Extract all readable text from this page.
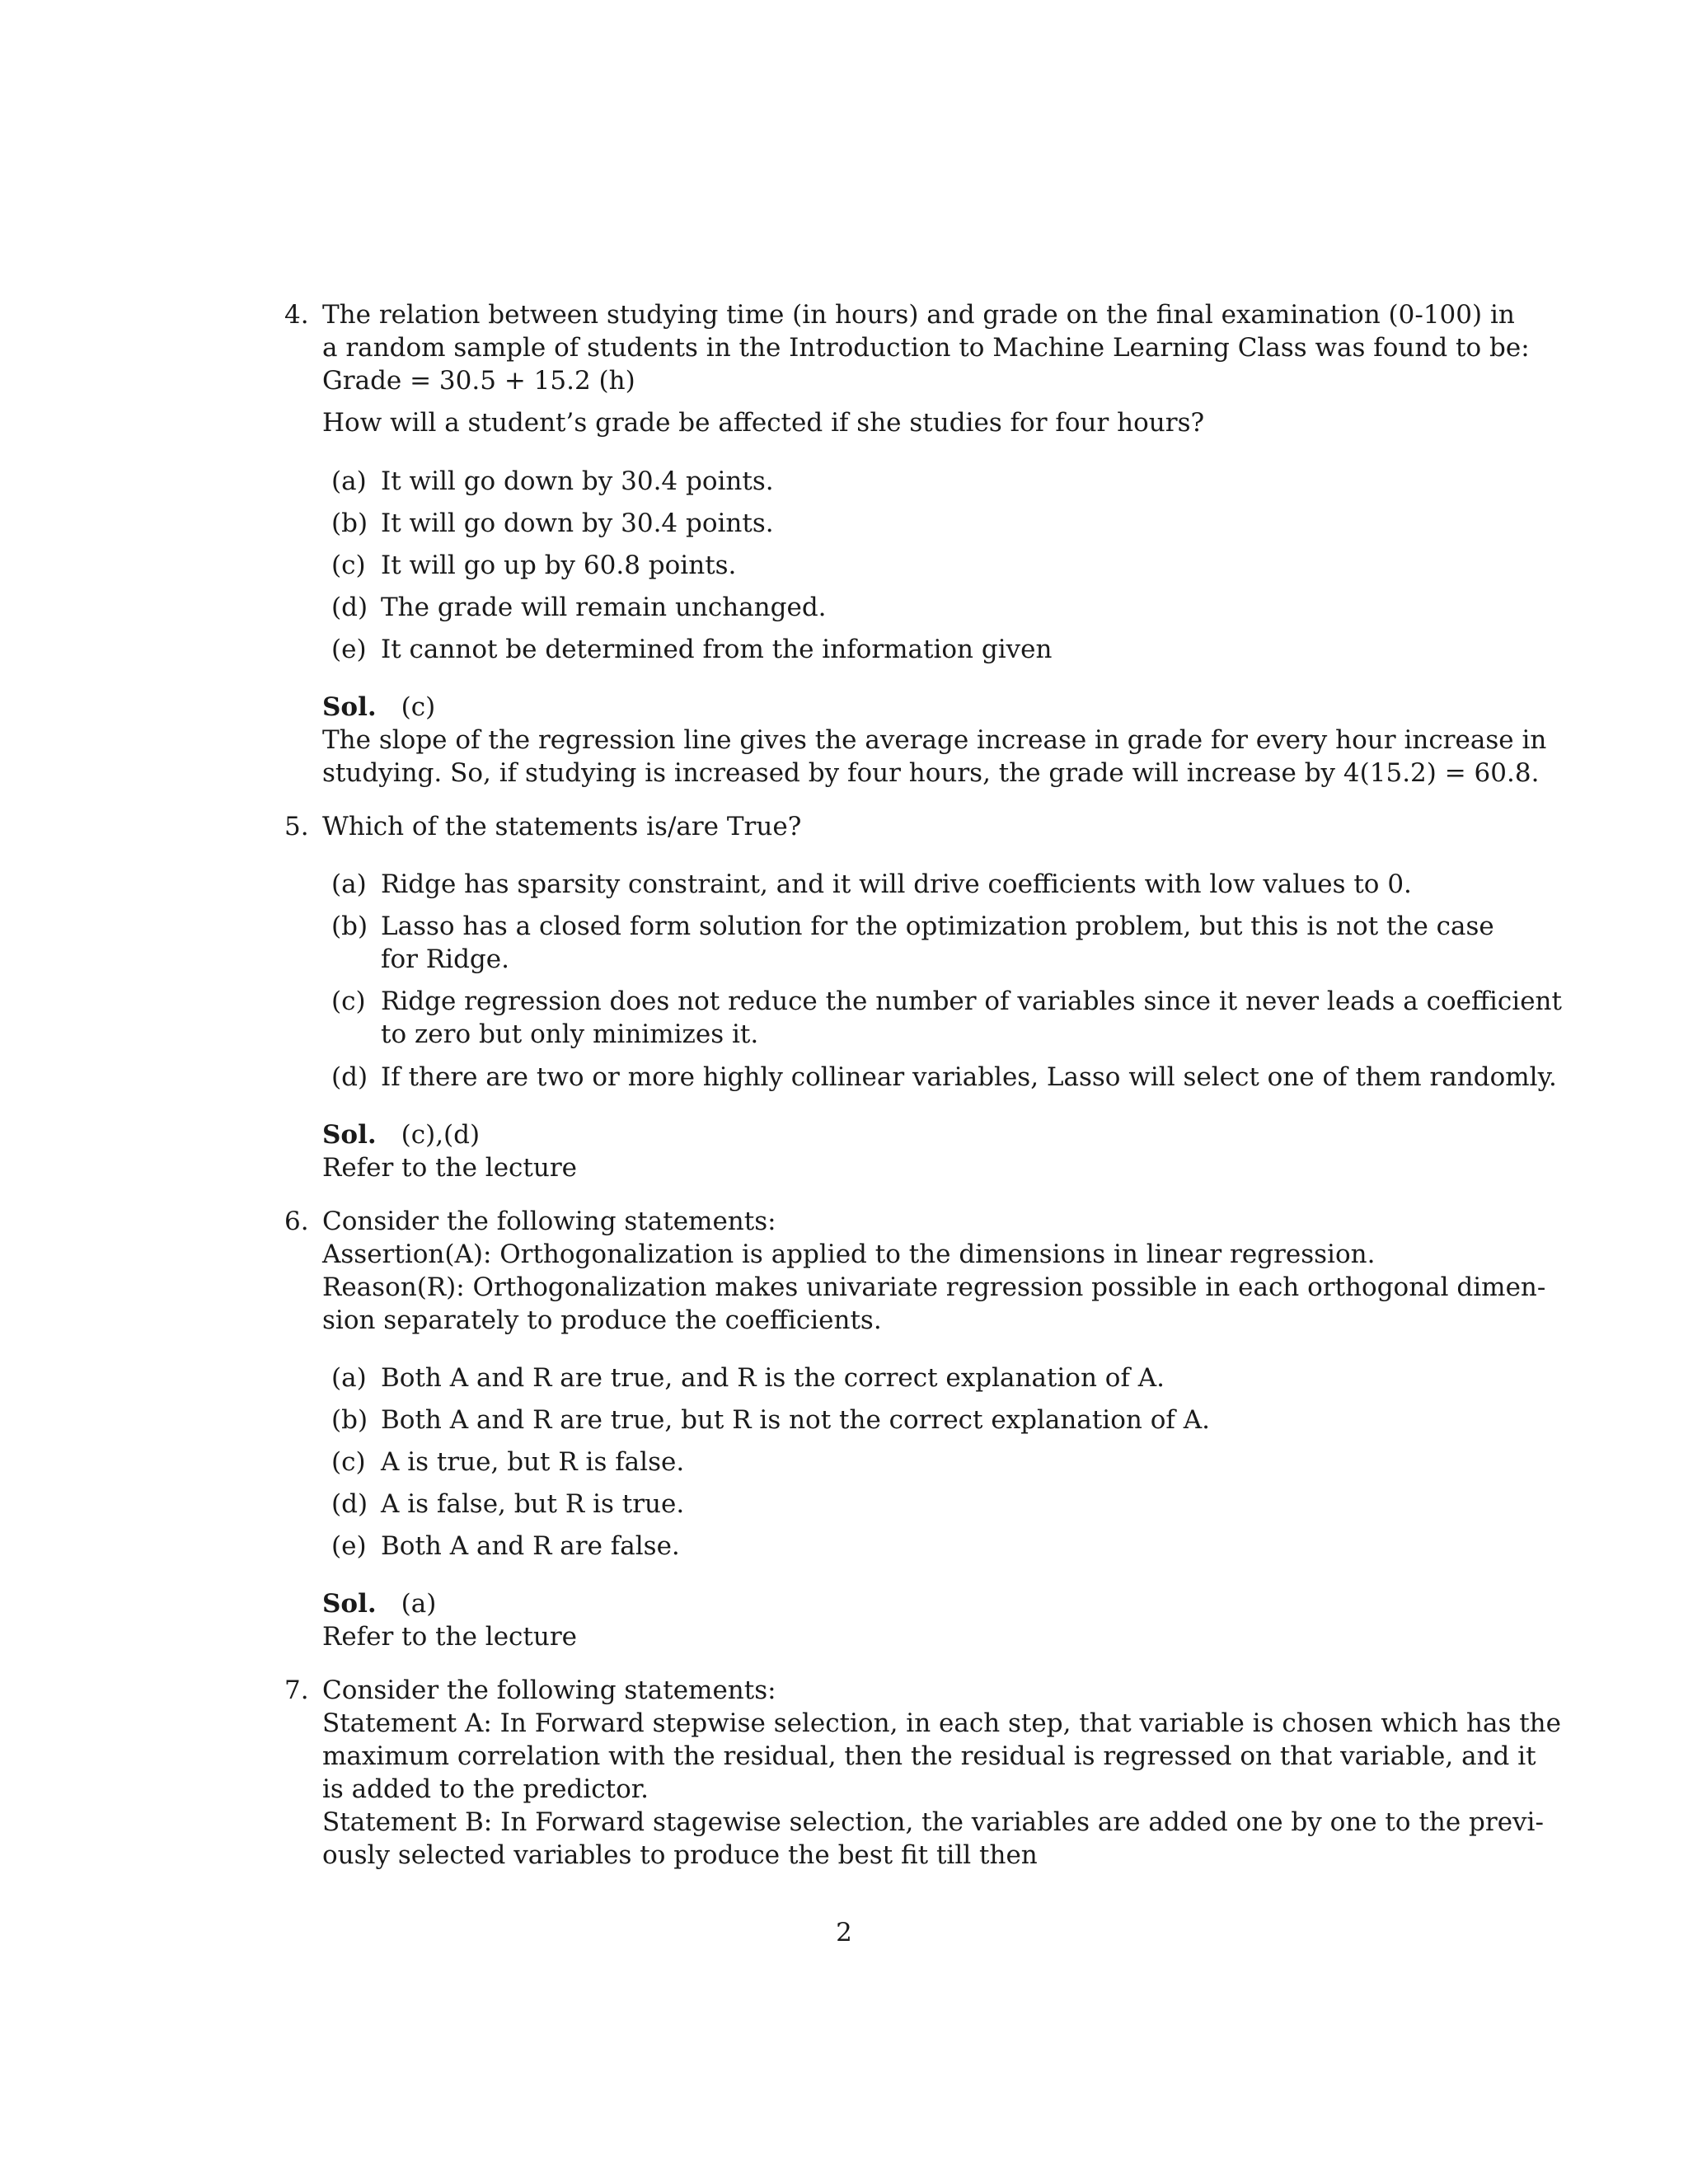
4. The relation between studying time (in hours) and grade on the final examination (0-100) in
a random sample of students in the Introduction to Machine Learning Class was found to be:
Grade = 30.5 + 15.2 (h)
How will a student’s grade be affected if she studies for four hours?
(a) It will go down by 30.4 points.
(b) It will go down by 30.4 points.
(c) It will go up by 60.8 points.
(d) The grade will remain unchanged.
(e) It cannot be determined from the information given
Sol. (c)
The slope of the regression line gives the average increase in grade for every hour increase in
studying. So, if studying is increased by four hours, the grade will increase by 4(15.2) = 60.8.
5. Which of the statements is/are True?
(a) Ridge has sparsity constraint, and it will drive coefficients with low values to 0.
(b) Lasso has a closed form solution for the optimization problem, but this is not the case
for Ridge.
(c) Ridge regression does not reduce the number of variables since it never leads a coefficient
to zero but only minimizes it.
(d) If there are two or more highly collinear variables, Lasso will select one of them randomly.
Sol. (c),(d)
Refer to the lecture
6. Consider the following statements:
Assertion(A): Orthogonalization is applied to the dimensions in linear regression.
Reason(R): Orthogonalization makes univariate regression possible in each orthogonal dimen-
sion separately to produce the coefficients.
(a) Both A and R are true, and R is the correct explanation of A.
(b) Both A and R are true, but R is not the correct explanation of A.
(c) A is true, but R is false.
(d) A is false, but R is true.
(e) Both A and R are false.
Sol. (a)
Refer to the lecture
7. Consider the following statements:
Statement A: In Forward stepwise selection, in each step, that variable is chosen which has the
maximum correlation with the residual, then the residual is regressed on that variable, and it
is added to the predictor.
Statement B: In Forward stagewise selection, the variables are added one by one to the previ-
ously selected variables to produce the best fit till then
2
